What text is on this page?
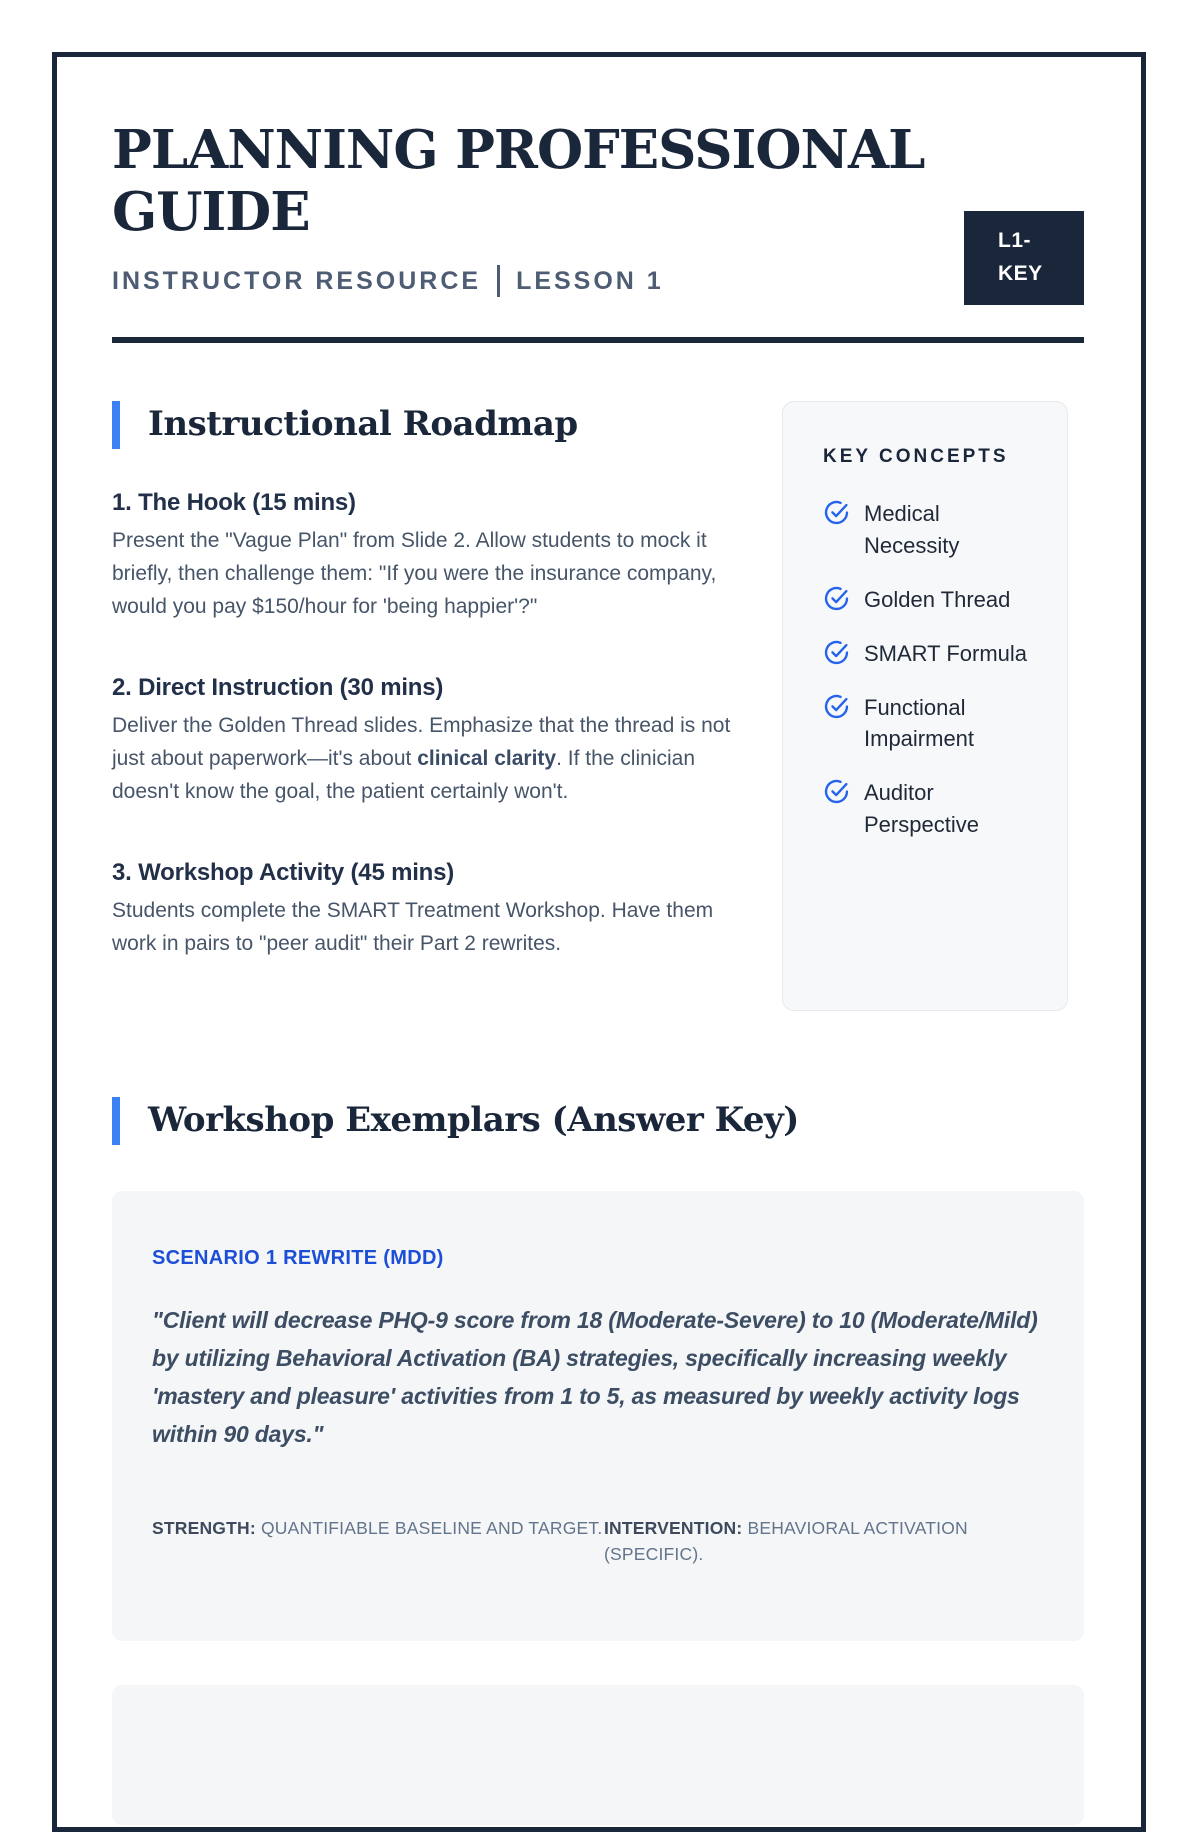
PLANNING PROFESSIONAL GUIDE
INSTRUCTOR RESOURCE LESSON 1
L1-KEY
Instructional Roadmap
1. The Hook (15 mins)

Present the "Vague Plan" from Slide 2. Allow students to mock it briefly, then challenge them: "If you were the insurance company, would you pay $150/hour for 'being happier'?"

2. Direct Instruction (30 mins)

Deliver the Golden Thread slides. Emphasize that the thread is not just about paperwork—it's about clinical clarity. If the clinician doesn't know the goal, the patient certainly won't.

3. Workshop Activity (45 mins)

Students complete the SMART Treatment Workshop. Have them work in pairs to "peer audit" their Part 2 rewrites.

KEY CONCEPTS
Medical Necessity
Golden Thread
SMART Formula
Functional Impairment
Auditor Perspective
Workshop Exemplars (Answer Key)

SCENARIO 1 REWRITE (MDD)

"Client will decrease PHQ-9 score from 18 (Moderate-Severe) to 10 (Moderate/Mild) by utilizing Behavioral Activation (BA) strategies, specifically increasing weekly 'mastery and pleasure' activities from 1 to 5, as measured by weekly activity logs within 90 days."

STRENGTH: QUANTIFIABLE BASELINE AND TARGET. INTERVENTION: BEHAVIORAL ACTIVATION (SPECIFIC).
